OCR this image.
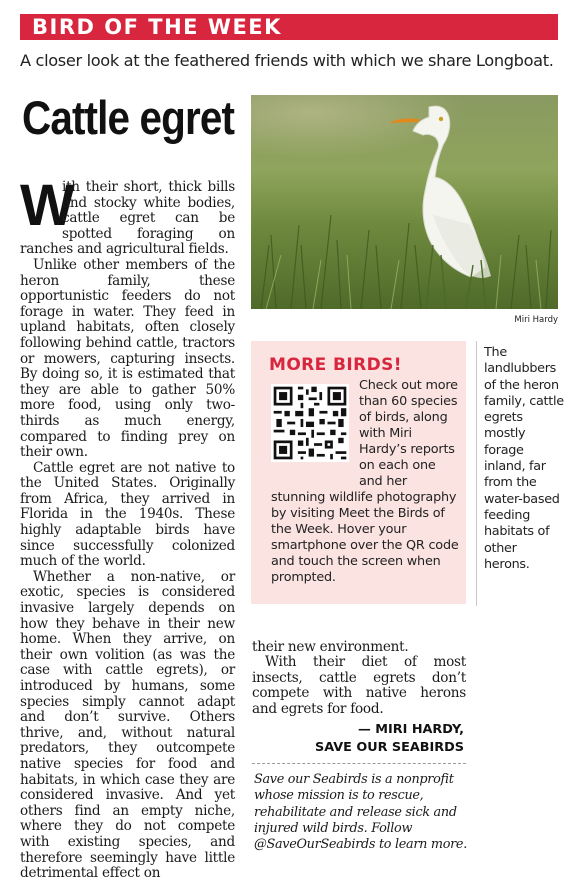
BIRD OF THE WEEK
A closer look at the feathered friends with which we share Longboat.
Cattle egret

W
ith their short, thick bills and stocky white bodies, cattle egret can be spotted foraging on ranches and agricultural fields.

Unlike other members of the heron family, these opportunistic feeders do not forage in water. They feed in upland habitats, often closely following behind cattle, tractors or mowers, capturing insects. By doing so, it is estimated that they are able to gather 50% more food, using only two-thirds as much energy, compared to finding prey on their own.

Cattle egret are not native to the United States. Originally from Africa, they arrived in Florida in the 1940s. These highly adaptable birds have since successfully colonized much of the world.

Whether a non-native, or exotic, species is considered invasive largely depends on how they behave in their new home. When they arrive, on their own volition (as was the case with cattle egrets), or introduced by humans, some species simply cannot adapt and don’t survive. Others thrive, and, without natural predators, they outcompete native species for food and habitats, in which case they are considered invasive. And yet others find an empty niche, where they do not compete with existing species, and therefore seemingly have little detrimental effect on

Miri Hardy
MORE BIRDS!
Check out more than 60 species of birds, along with Miri Hardy’s reports on each one and her stunning wildlife photography by visiting Meet the Birds of the Week. Hover your smartphone over the QR code and touch the screen when prompted.
The landlubbers of the heron family, cattle egrets mostly forage inland, far from the water-based feeding habitats of other herons.

their new environment.

With their diet of most insects, cattle egrets don’t compete with native herons and egrets for food.

— MIRI HARDY,
SAVE OUR SEABIRDS
Save our Seabirds is a nonprofit whose mission is to rescue, rehabilitate and release sick and injured wild birds. Follow @SaveOurSeabirds to learn more.
